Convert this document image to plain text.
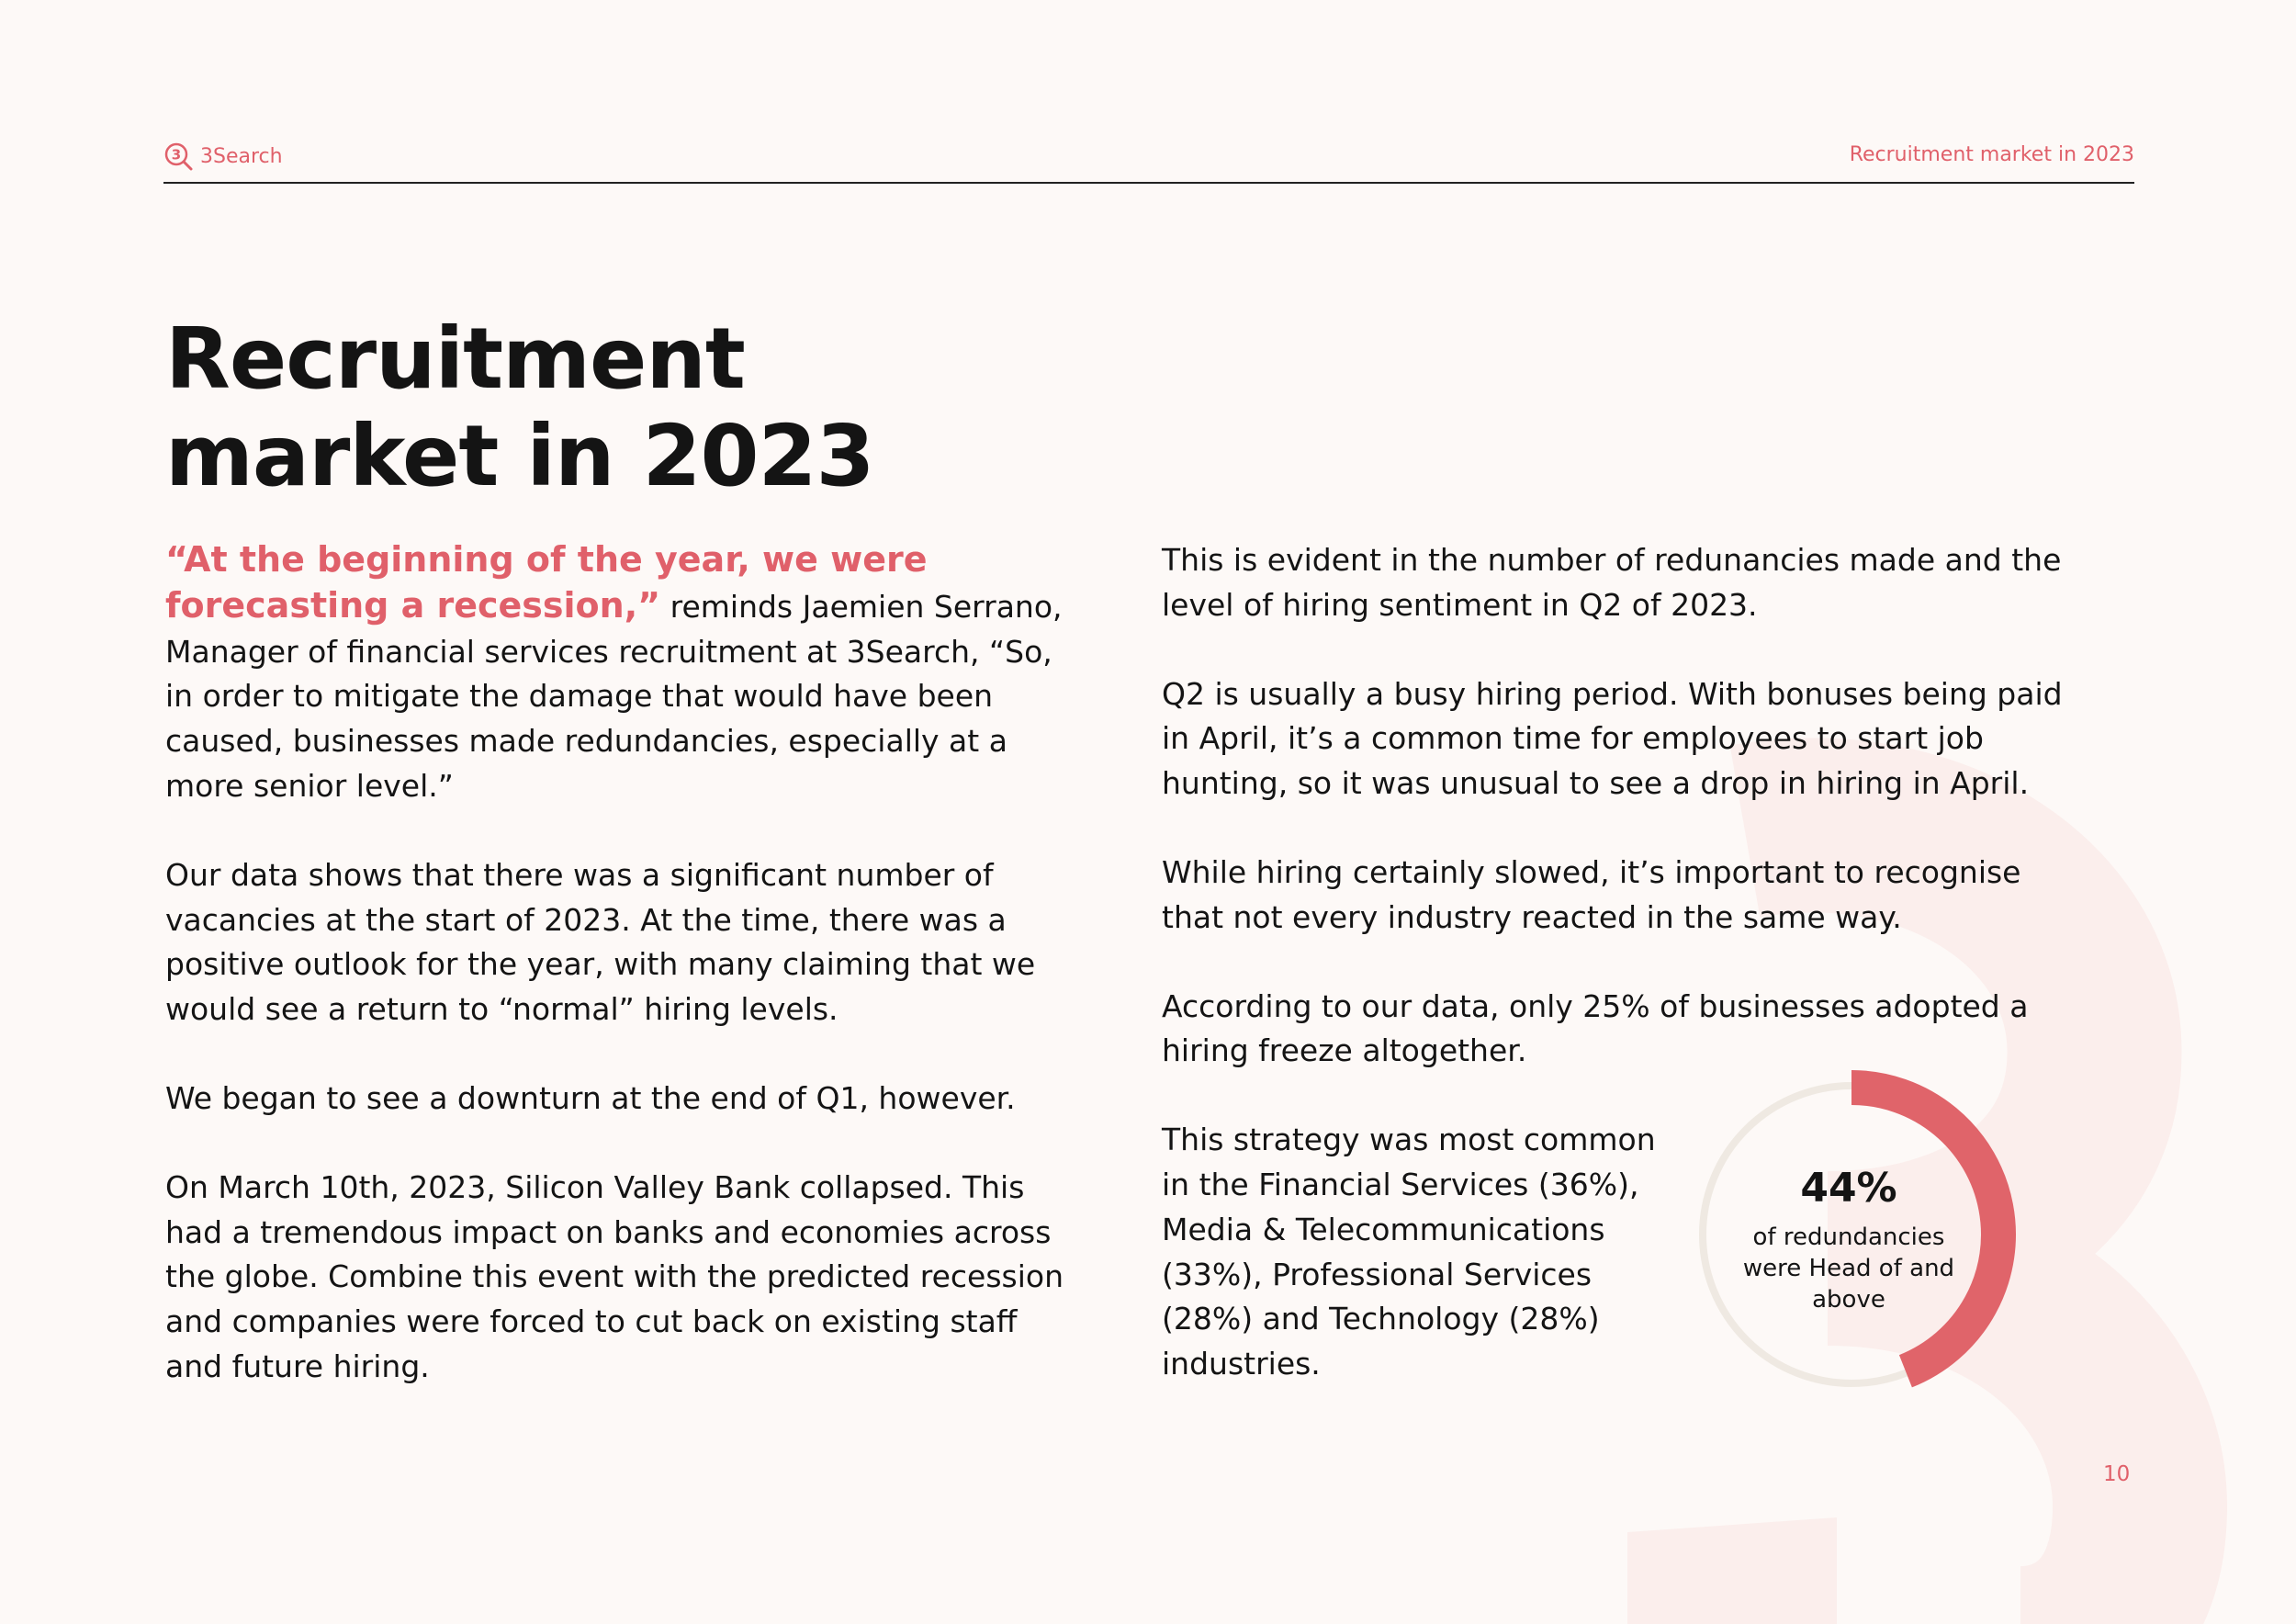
3 3Search	Recruitment market in 2023
Recruitment
market in 2023

“At the beginning of the year, we were forecasting a recession,” reminds Jaemien Serrano, Manager of financial services recruitment at 3Search, “So, in order to mitigate the damage that would have been caused, businesses made redundancies, especially at a more senior level.”

Our data shows that there was a significant number of vacancies at the start of 2023. At the time, there was a positive outlook for the year, with many claiming that we would see a return to “normal” hiring levels.

We began to see a downturn at the end of Q1, however.

On March 10th, 2023, Silicon Valley Bank collapsed. This had a tremendous impact on banks and economies across the globe. Combine this event with the predicted recession and companies were forced to cut back on existing staff and future hiring.

This is evident in the number of redunancies made and the level of hiring sentiment in Q2 of 2023.

Q2 is usually a busy hiring period. With bonuses being paid in April, it’s a common time for employees to start job hunting, so it was unusual to see a drop in hiring in April.

While hiring certainly slowed, it’s important to recognise that not every industry reacted in the same way.

According to our data, only 25% of businesses adopted a hiring freeze altogether.

This strategy was most common in the Financial Services (36%), Media & Telecommunications (33%), Professional Services (28%) and Technology (28%) industries.

44%
of redundancies were Head of and above
10
